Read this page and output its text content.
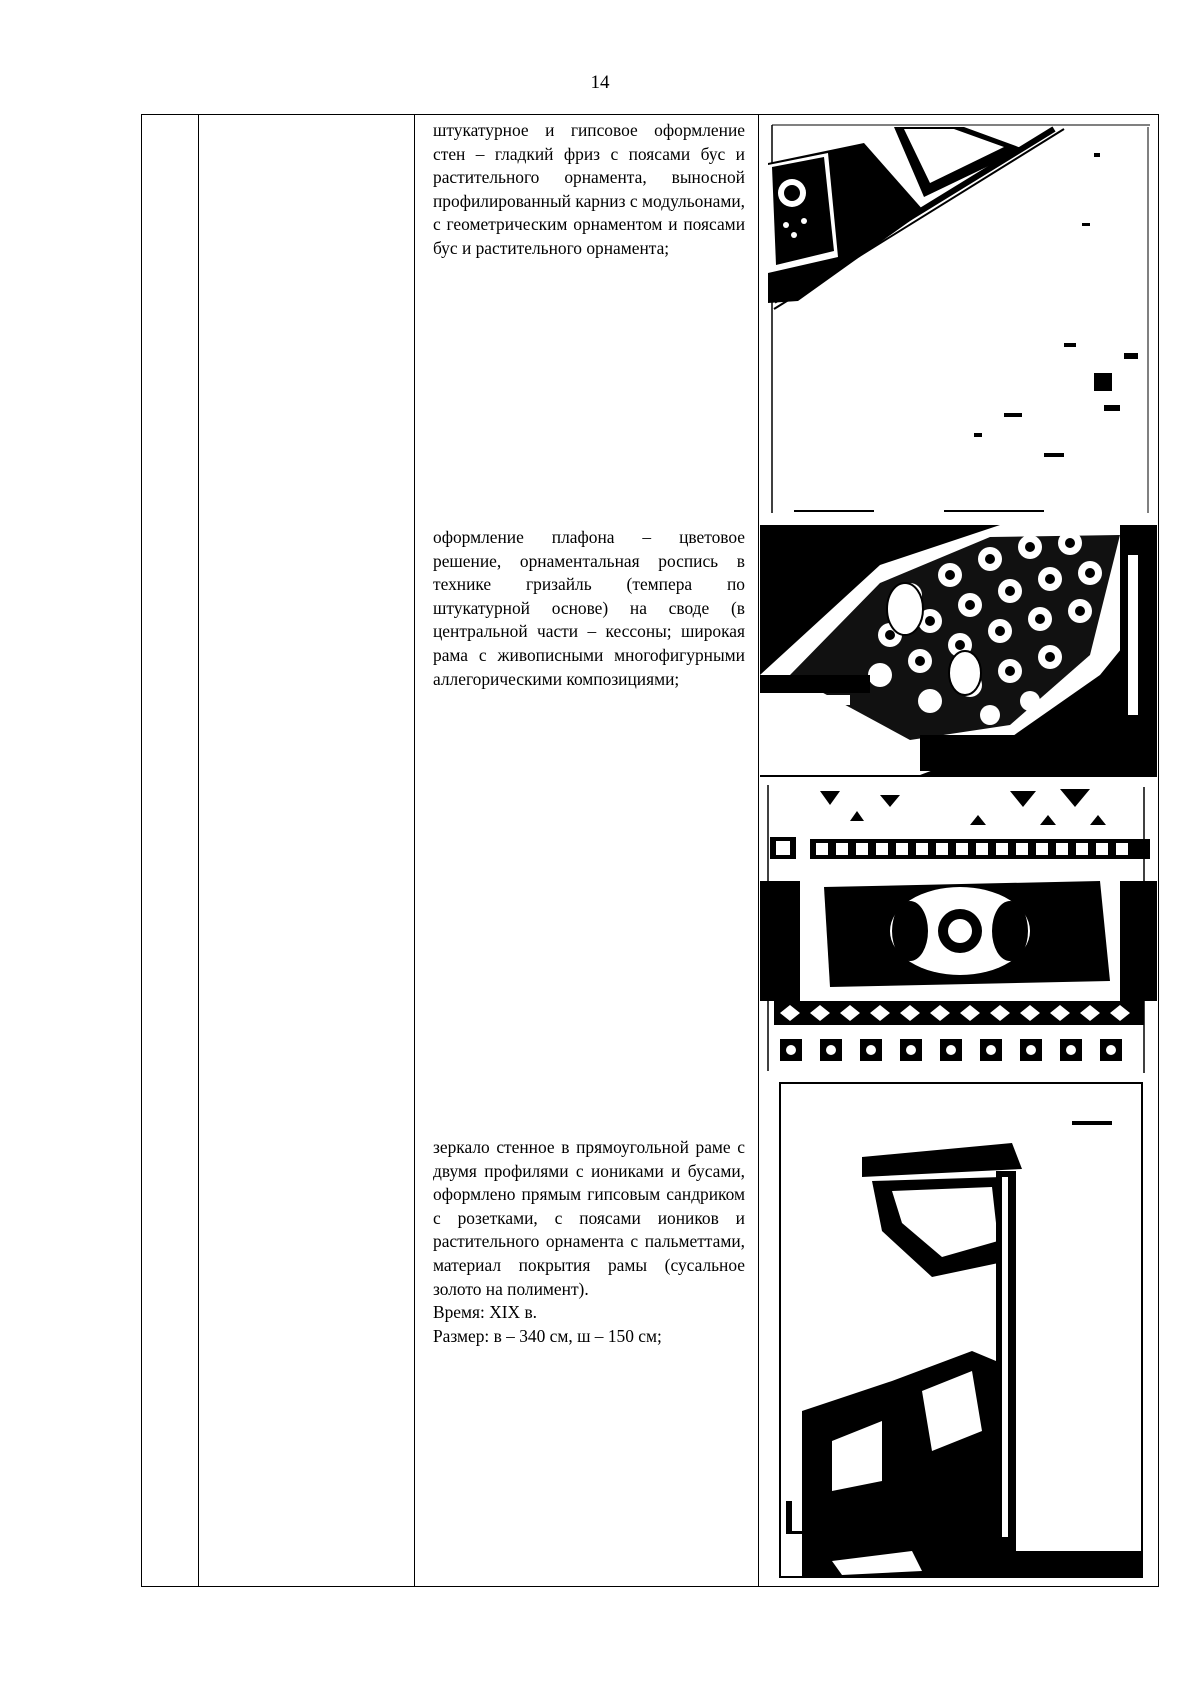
14
штукатурное и гипсовое оформление стен – гладкий фриз с поясами бус и растительного орнамента, выносной профилированный карниз с модульонами, с геометрическим орнаментом и поясами бус и растительного орнамента;
оформление плафона – цветовое решение, орнаментальная роспись в технике гризайль (темпера по штукатурной основе) на своде (в центральной части – кессоны; широкая рама с живописными многофигурными аллегорическими композициями;
зеркало стенное в прямоугольной раме с двумя профилями с иониками и бусами, оформлено прямым гипсовым сандриком с розетками, с поясами иоников и растительного орнамента с пальметтами, материал покрытия рамы (сусальное золото на полимент).
Время: XIX в.
Размер: в – 340 см, ш – 150 см;
